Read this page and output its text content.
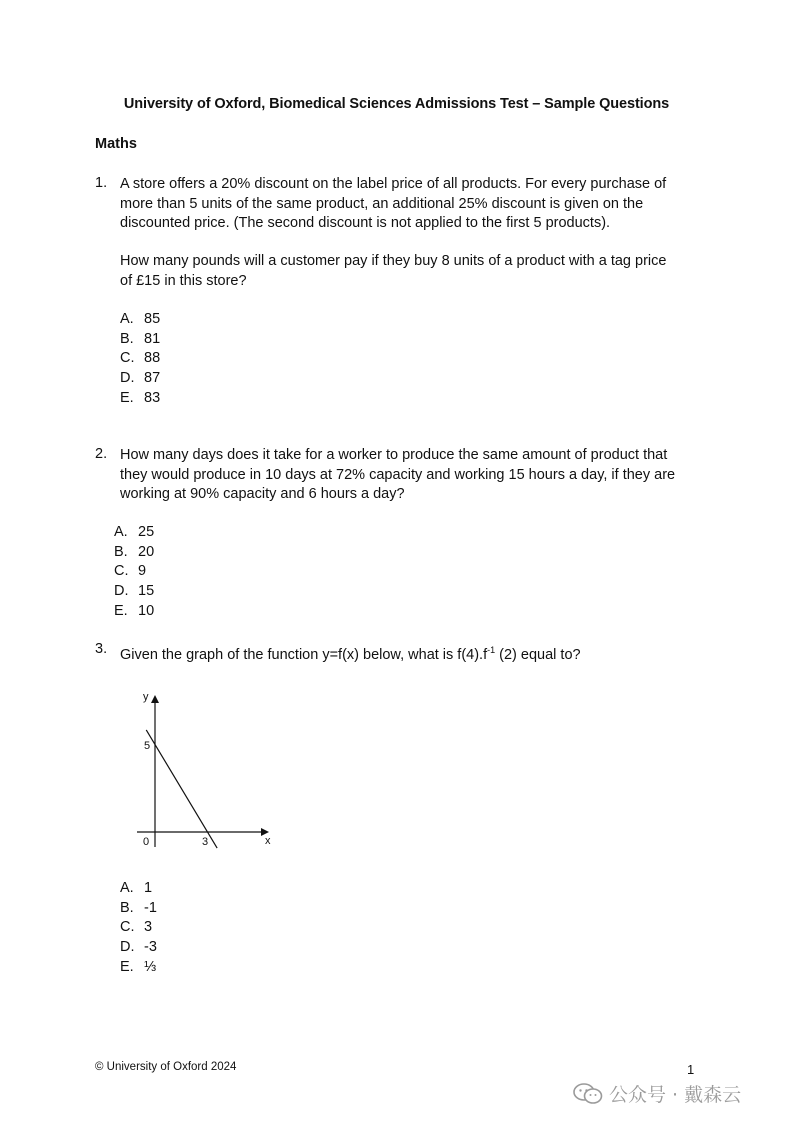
University of Oxford, Biomedical Sciences Admissions Test – Sample Questions
Maths
1. A store offers a 20% discount on the label price of all products. For every purchase of more than 5 units of the same product, an additional 25% discount is given on the discounted price. (The second discount is not applied to the first 5 products).
How many pounds will a customer pay if they buy 8 units of a product with a tag price of £15 in this store?
A. 85
B. 81
C. 88
D. 87
E. 83
2. How many days does it take for a worker to produce the same amount of product that they would produce in 10 days at 72% capacity and working 15 hours a day, if they are working at 90% capacity and 6 hours a day?
A. 25
B. 20
C. 9
D. 15
E. 10
3. Given the graph of the function y=f(x) below, what is $f(4).f^{-1}$ (2) equal to?
y
x
0
5
3
A. 1
B. -1
C. 3
D. -3
E. ⅓
© University of Oxford 2024	1
公众号 · 戴森云
